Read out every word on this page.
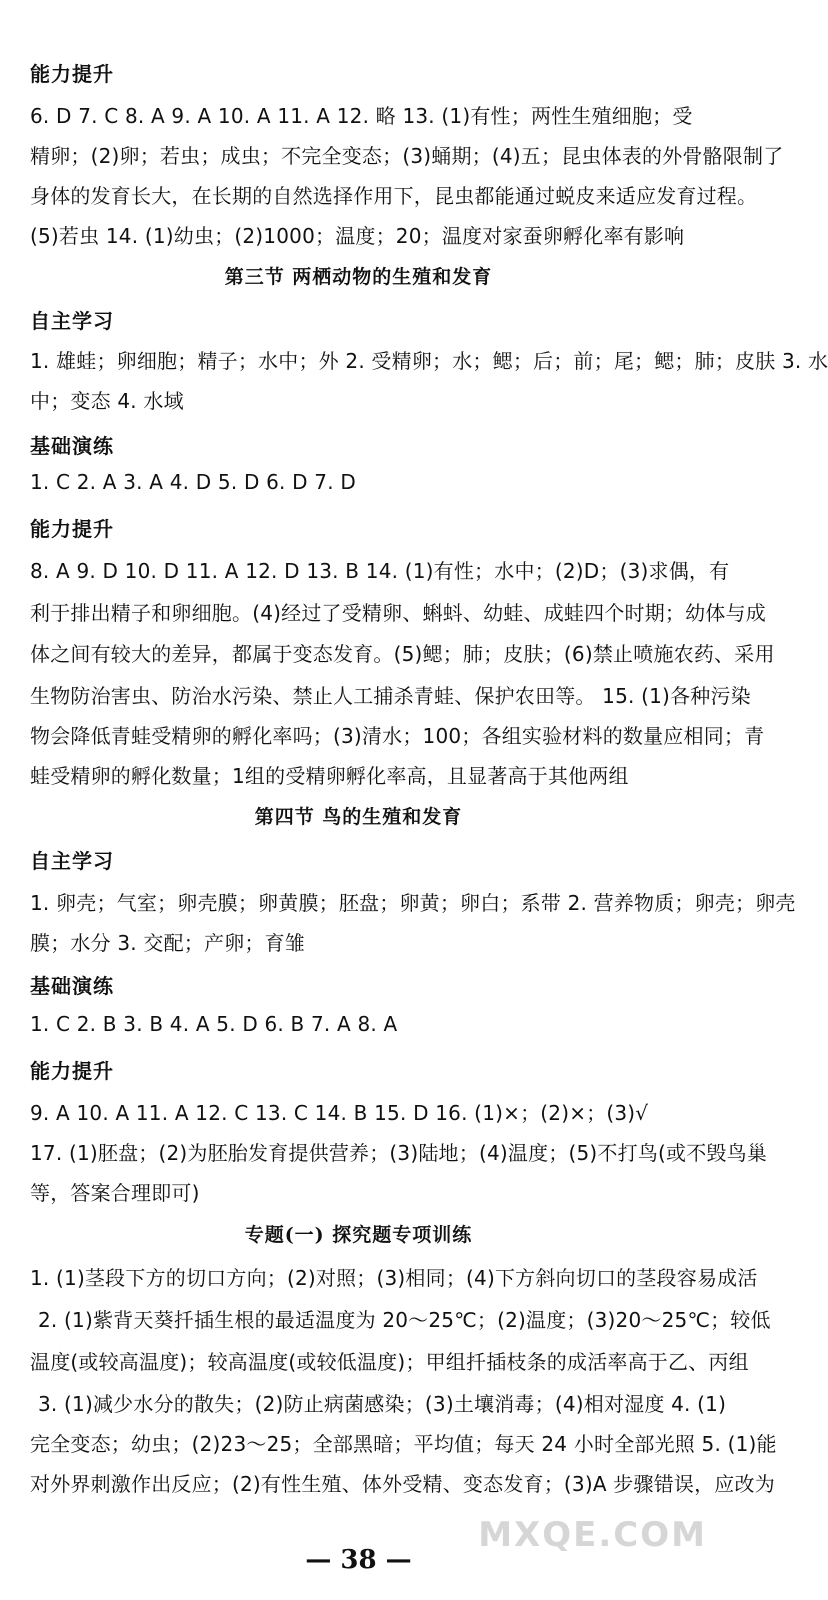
能力提升
6. D 7. C 8. A 9. A 10. A 11. A 12. 略 13. (1)有性；两性生殖细胞；受
精卵；(2)卵；若虫；成虫；不完全变态；(3)蛹期；(4)五；昆虫体表的外骨骼限制了
身体的发育长大，在长期的自然选择作用下，昆虫都能通过蜕皮来适应发育过程。
(5)若虫 14. (1)幼虫；(2)1000；温度；20；温度对家蚕卵孵化率有影响
第三节 两栖动物的生殖和发育
自主学习
1. 雄蛙；卵细胞；精子；水中；外 2. 受精卵；水；鳃；后；前；尾；鳃；肺；皮肤 3. 水
中；变态 4. 水域
基础演练
1. C 2. A 3. A 4. D 5. D 6. D 7. D
能力提升
8. A 9. D 10. D 11. A 12. D 13. B 14. (1)有性；水中；(2)D；(3)求偶，有
利于排出精子和卵细胞。(4)经过了受精卵、蝌蚪、幼蛙、成蛙四个时期；幼体与成
体之间有较大的差异，都属于变态发育。(5)鳃；肺；皮肤；(6)禁止喷施农药、采用
生物防治害虫、防治水污染、禁止人工捕杀青蛙、保护农田等。 15. (1)各种污染
物会降低青蛙受精卵的孵化率吗；(3)清水；100；各组实验材料的数量应相同；青
蛙受精卵的孵化数量；1组的受精卵孵化率高，且显著高于其他两组
第四节 鸟的生殖和发育
自主学习
1. 卵壳；气室；卵壳膜；卵黄膜；胚盘；卵黄；卵白；系带 2. 营养物质；卵壳；卵壳
膜；水分 3. 交配；产卵；育雏
基础演练
1. C 2. B 3. B 4. A 5. D 6. B 7. A 8. A
能力提升
9. A 10. A 11. A 12. C 13. C 14. B 15. D 16. (1)×；(2)×；(3)√
17. (1)胚盘；(2)为胚胎发育提供营养；(3)陆地；(4)温度；(5)不打鸟(或不毁鸟巢
等，答案合理即可)
专题(一) 探究题专项训练
1. (1)茎段下方的切口方向；(2)对照；(3)相同；(4)下方斜向切口的茎段容易成活
2. (1)紫背天葵扦插生根的最适温度为 20～25℃；(2)温度；(3)20～25℃；较低
温度(或较高温度)；较高温度(或较低温度)；甲组扦插枝条的成活率高于乙、丙组
3. (1)减少水分的散失；(2)防止病菌感染；(3)土壤消毒；(4)相对湿度 4. (1)
完全变态；幼虫；(2)23～25；全部黑暗；平均值；每天 24 小时全部光照 5. (1)能
对外界刺激作出反应；(2)有性生殖、体外受精、变态发育；(3)A 步骤错误，应改为
— 38 —
MXQE.COM
